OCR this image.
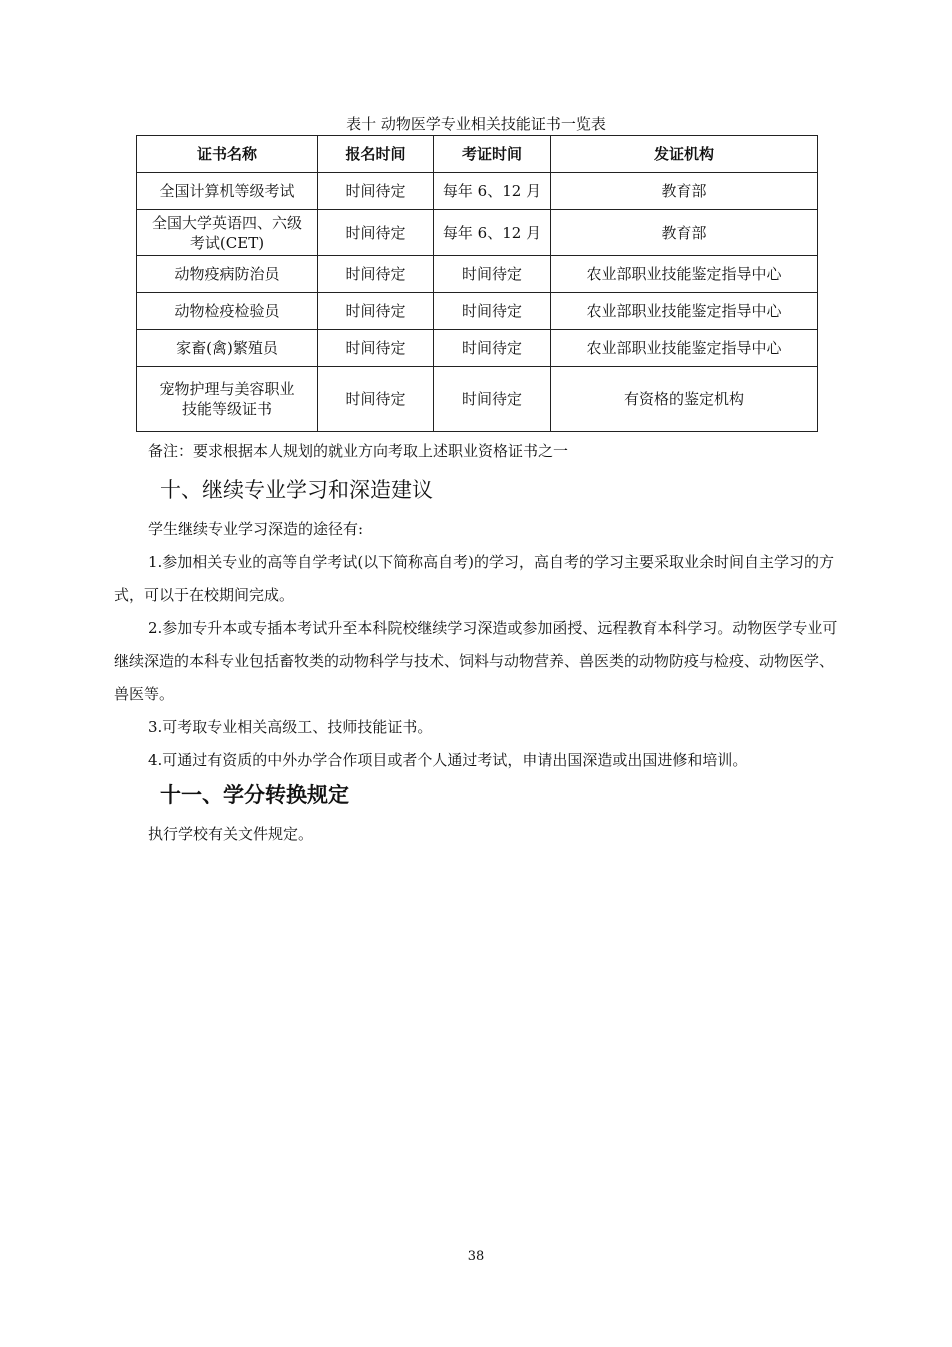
表十 动物医学专业相关技能证书一览表
证书名称	报名时间	考证时间	发证机构
全国计算机等级考试	时间待定	每年 6、12 月	教育部

全国大学英语四、六级
考试(CET)	时间待定	每年 6、12 月	教育部
动物疫病防治员	时间待定	时间待定	农业部职业技能鉴定指导中心
动物检疫检验员	时间待定	时间待定	农业部职业技能鉴定指导中心
家畜(禽)繁殖员	时间待定	时间待定	农业部职业技能鉴定指导中心

宠物护理与美容职业
技能等级证书	时间待定	时间待定	有资格的鉴定机构
备注：要求根据本人规划的就业方向考取上述职业资格证书之一
十、继续专业学习和深造建议
学生继续专业学习深造的途径有:
1.参加相关专业的高等自学考试(以下简称高自考)的学习，高自考的学习主要采取业余时间自主学习的方式，可以于在校期间完成。
2.参加专升本或专插本考试升至本科院校继续学习深造或参加函授、远程教育本科学习。动物医学专业可继续深造的本科专业包括畜牧类的动物科学与技术、饲料与动物营养、兽医类的动物防疫与检疫、动物医学、兽医等。
3.可考取专业相关高级工、技师技能证书。
4.可通过有资质的中外办学合作项目或者个人通过考试，申请出国深造或出国进修和培训。
十一、学分转换规定
执行学校有关文件规定。
38
